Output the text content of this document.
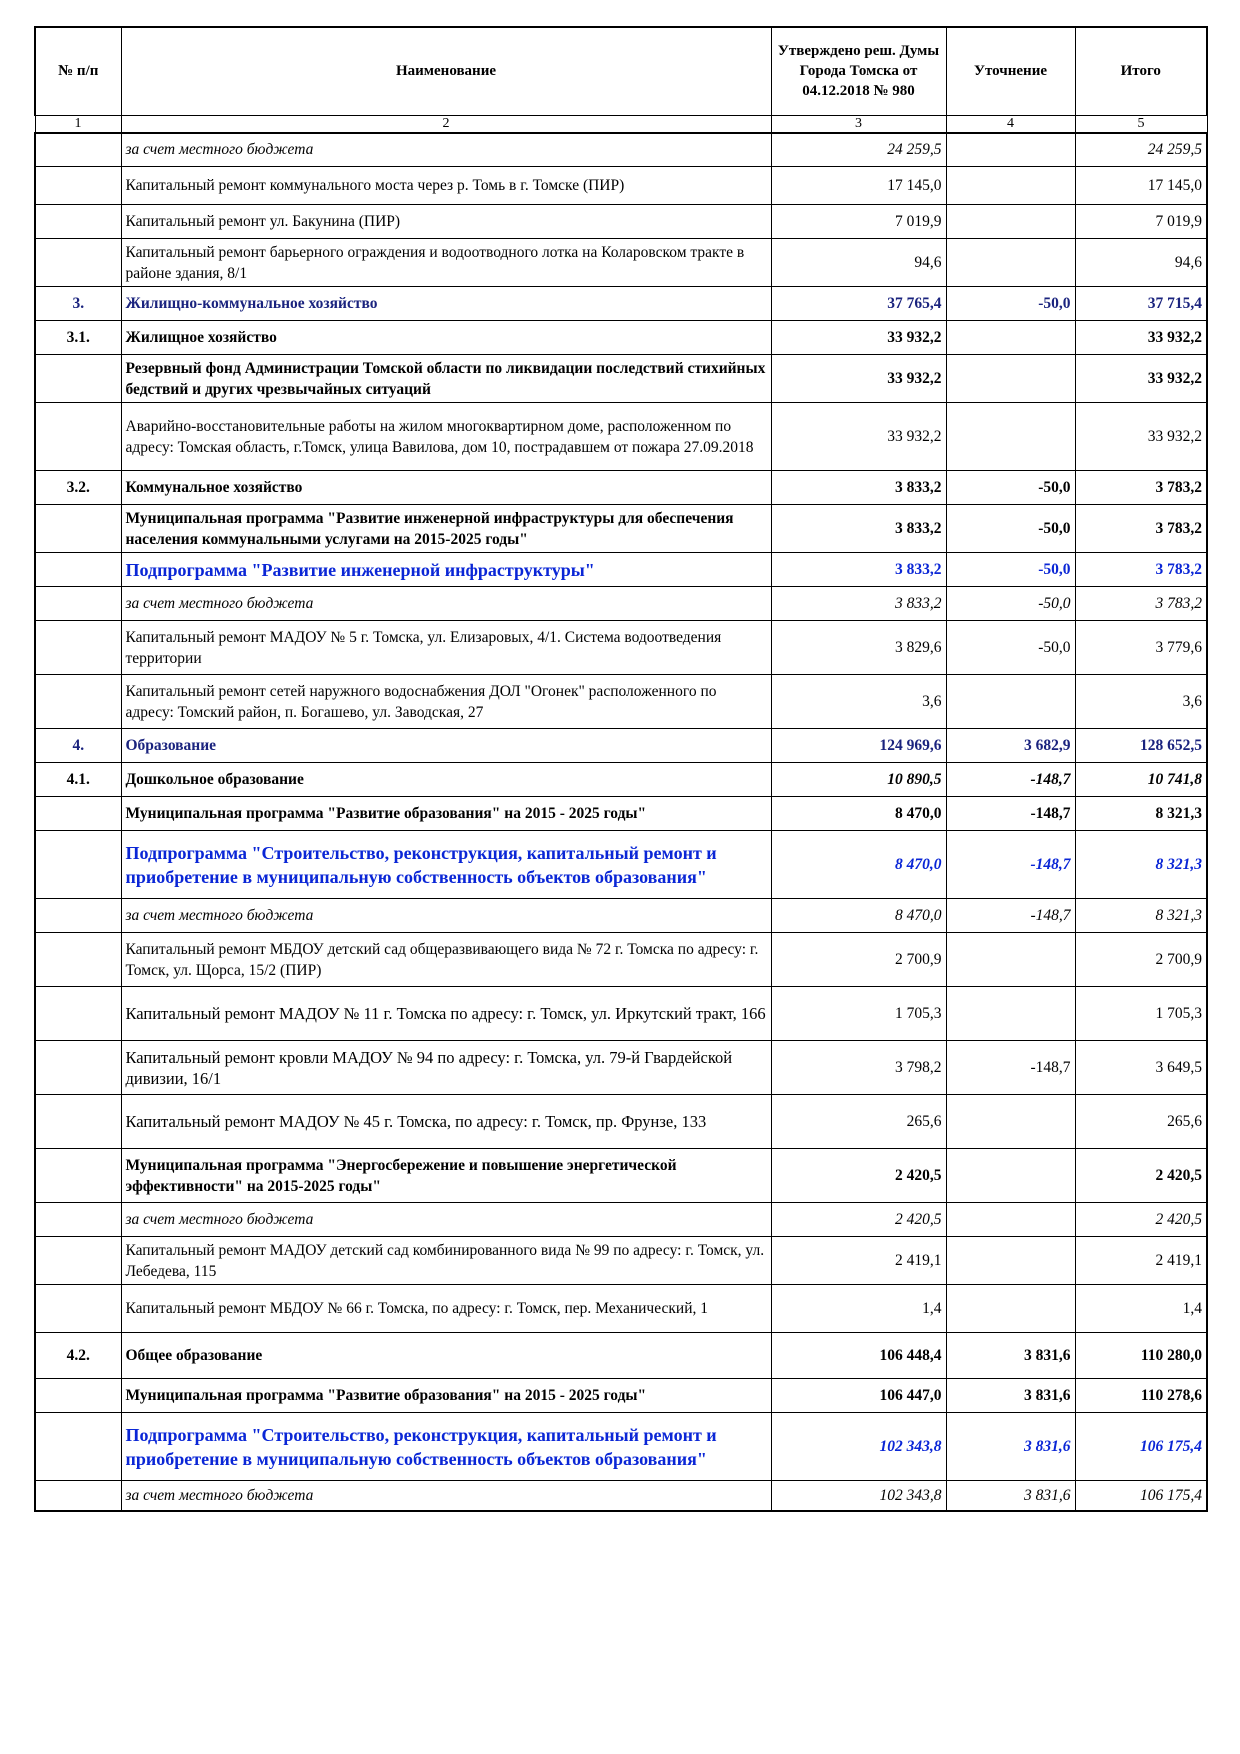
№ п/п	Наименование	Утверждено реш. Думы Города Томска от 04.12.2018 № 980	Уточнение	Итого
1	2	3	4	5
	за счет местного бюджета	24 259,5		24 259,5
	Капитальный ремонт коммунального моста через р. Томь в г. Томске (ПИР)	17 145,0		17 145,0
	Капитальный ремонт ул. Бакунина (ПИР)	7 019,9		7 019,9
	Капитальный ремонт барьерного ограждения и водоотводного лотка на Коларовском тракте в районе здания, 8/1	94,6		94,6
3.	Жилищно-коммунальное хозяйство	37 765,4	-50,0	37 715,4
3.1.	Жилищное хозяйство	33 932,2		33 932,2
	Резервный фонд Администрации Томской области по ликвидации последствий стихийных бедствий и других чрезвычайных ситуаций	33 932,2		33 932,2
	Аварийно-восстановительные работы на жилом многоквартирном доме, расположенном по адресу: Томская область, г.Томск, улица Вавилова, дом 10, пострадавшем от пожара 27.09.2018	33 932,2		33 932,2
3.2.	Коммунальное хозяйство	3 833,2	-50,0	3 783,2
	Муниципальная программа "Развитие инженерной инфраструктуры для обеспечения населения коммунальными услугами на 2015-2025 годы"	3 833,2	-50,0	3 783,2
	Подпрограмма "Развитие инженерной инфраструктуры"	3 833,2	-50,0	3 783,2
	за счет местного бюджета	3 833,2	-50,0	3 783,2
	Капитальный ремонт МАДОУ № 5 г. Томска, ул. Елизаровых, 4/1. Система водоотведения территории	3 829,6	-50,0	3 779,6
	Капитальный ремонт сетей наружного водоснабжения ДОЛ "Огонек" расположенного по адресу: Томский район, п. Богашево, ул. Заводская, 27	3,6		3,6
4.	Образование	124 969,6	3 682,9	128 652,5
4.1.	Дошкольное образование	10 890,5	-148,7	10 741,8
	Муниципальная программа "Развитие образования" на 2015 - 2025 годы"	8 470,0	-148,7	8 321,3
	Подпрограмма "Строительство, реконструкция, капитальный ремонт и приобретение в муниципальную собственность объектов образования"	8 470,0	-148,7	8 321,3
	за счет местного бюджета	8 470,0	-148,7	8 321,3
	Капитальный ремонт МБДОУ детский сад общеразвивающего вида № 72 г. Томска по адресу: г. Томск, ул. Щорса, 15/2 (ПИР)	2 700,9		2 700,9
	Капитальный ремонт МАДОУ № 11 г. Томска по адресу: г. Томск, ул. Иркутский тракт, 166	1 705,3		1 705,3
	Капитальный ремонт кровли МАДОУ № 94 по адресу: г. Томска, ул. 79-й Гвардейской дивизии, 16/1	3 798,2	-148,7	3 649,5
	Капитальный ремонт МАДОУ № 45 г. Томска, по адресу: г. Томск, пр. Фрунзе, 133	265,6		265,6
	Муниципальная программа "Энергосбережение и повышение энергетической эффективности" на 2015-2025 годы"	2 420,5		2 420,5
	за счет местного бюджета	2 420,5		2 420,5
	Капитальный ремонт МАДОУ детский сад комбинированного вида № 99 по адресу: г. Томск, ул. Лебедева, 115	2 419,1		2 419,1
	Капитальный ремонт МБДОУ № 66 г. Томска, по адресу: г. Томск, пер. Механический, 1	1,4		1,4
4.2.	Общее образование	106 448,4	3 831,6	110 280,0
	Муниципальная программа "Развитие образования" на 2015 - 2025 годы"	106 447,0	3 831,6	110 278,6
	Подпрограмма "Строительство, реконструкция, капитальный ремонт и приобретение в муниципальную собственность объектов образования"	102 343,8	3 831,6	106 175,4
	за счет местного бюджета	102 343,8	3 831,6	106 175,4
